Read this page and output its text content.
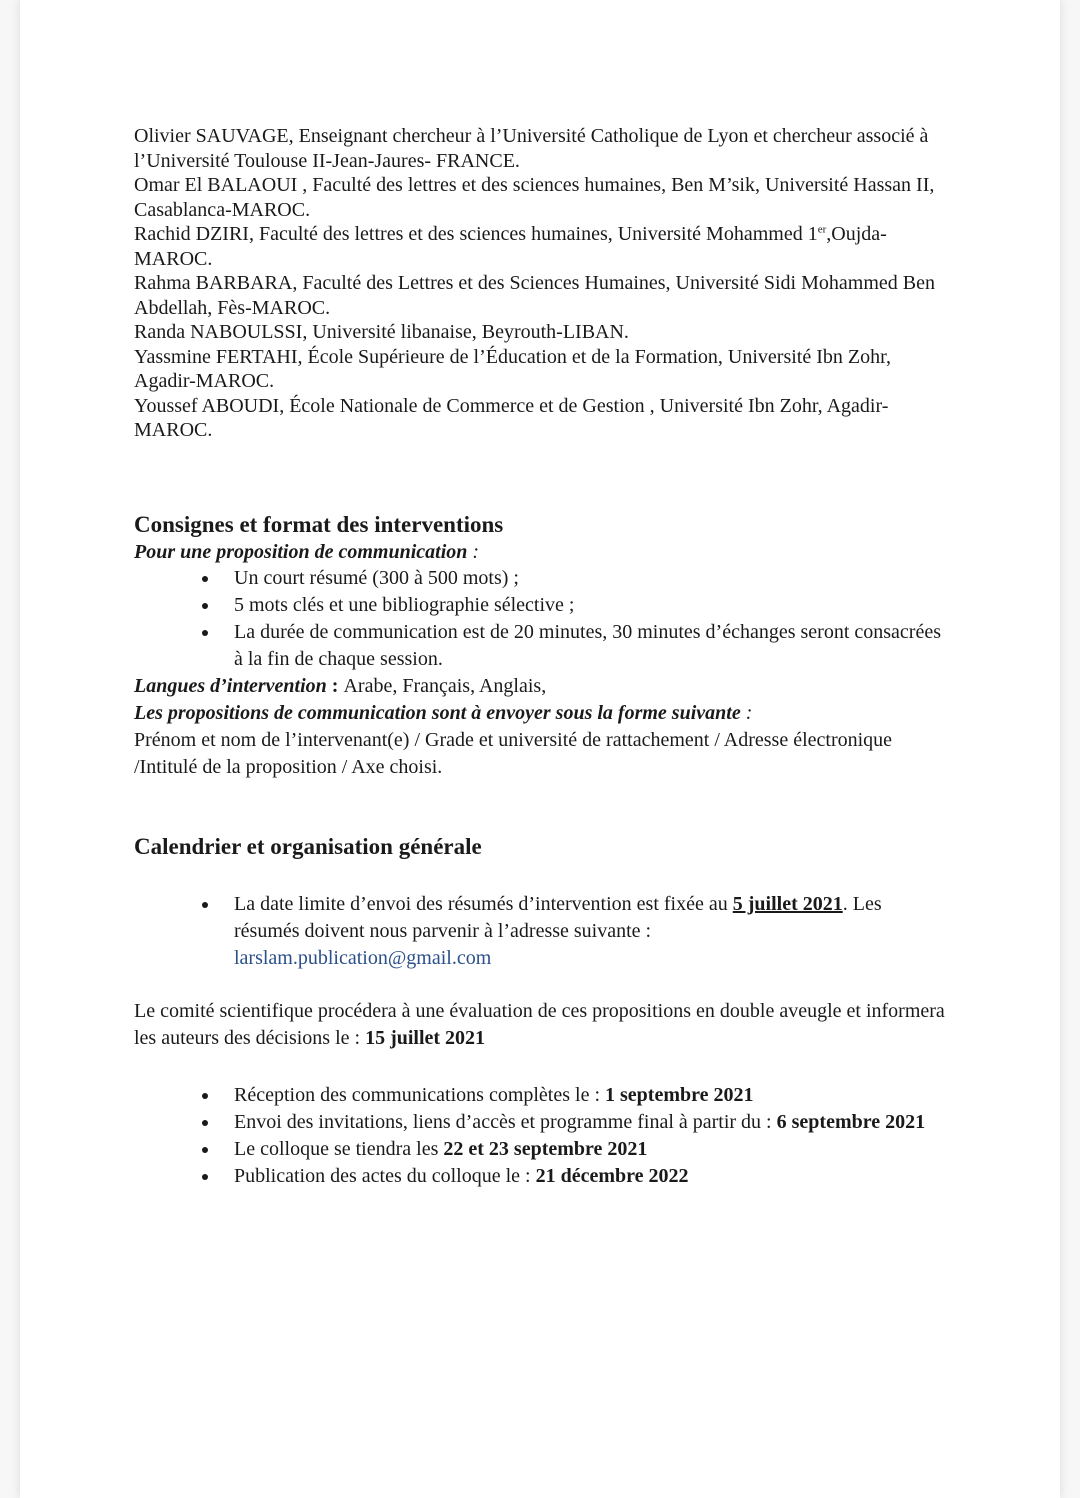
Olivier SAUVAGE, Enseignant chercheur à l’Université Catholique de Lyon et chercheur associé à l’Université Toulouse II-Jean-Jaures- FRANCE.

Omar El BALAOUI , Faculté des lettres et des sciences humaines, Ben M’sik, Université Hassan II, Casablanca-MAROC.

Rachid DZIRI, Faculté des lettres et des sciences humaines, Université Mohammed 1er,Oujda-MAROC.

Rahma BARBARA, Faculté des Lettres et des Sciences Humaines, Université Sidi Mohammed Ben Abdellah, Fès-MAROC.

Randa NABOULSSI, Université libanaise, Beyrouth-LIBAN.

Yassmine FERTAHI, École Supérieure de l’Éducation et de la Formation, Université Ibn Zohr, Agadir-MAROC.

Youssef ABOUDI, École Nationale de Commerce et de Gestion , Université Ibn Zohr, Agadir-MAROC.

Consignes et format des interventions
Pour une proposition de communication :
Un court résumé (300 à 500 mots) ;
5 mots clés et une bibliographie sélective ;
La durée de communication est de 20 minutes, 30 minutes d’échanges seront consacrées à la fin de chaque session.
Langues d’intervention : Arabe, Français, Anglais,
Les propositions de communication sont à envoyer sous la forme suivante :
Prénom et nom de l’intervenant(e) / Grade et université de rattachement / Adresse électronique /Intitulé de la proposition / Axe choisi.
Calendrier et organisation générale
La date limite d’envoi des résumés d’intervention est fixée au 5 juillet 2021. Les résumés doivent nous parvenir à l’adresse suivante :
larslam.publication@gmail.com
Le comité scientifique procédera à une évaluation de ces propositions en double aveugle et informera les auteurs des décisions le : 15 juillet 2021
Réception des communications complètes le : 1 septembre 2021
Envoi des invitations, liens d’accès et programme final à partir du : 6 septembre 2021
Le colloque se tiendra les 22 et 23 septembre 2021
Publication des actes du colloque le : 21 décembre 2022
